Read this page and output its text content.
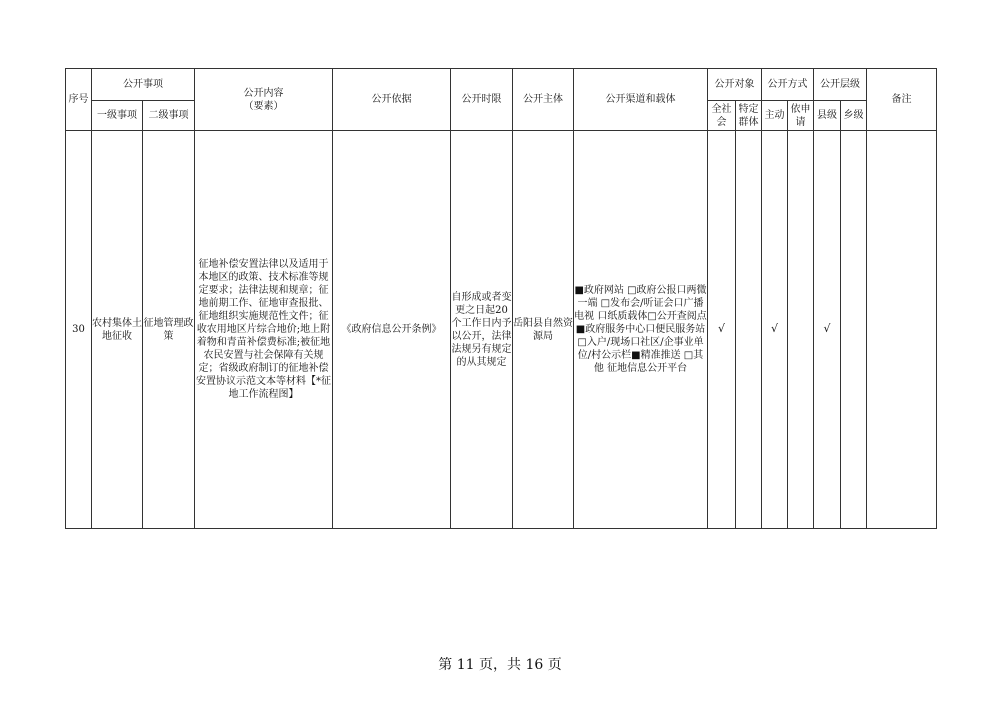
序号	公开事项		公开内容
（要素）	公开依据	公开时限	公开主体	公开渠道和载体	公开对象		公开方式		公开层级		备注
	一级事项	二级事项						全社会	特定群体	主动	依申请	县级	乡级	
30	农村集体土地征收	征地管理政策	征地补偿安置法律以及适用于本地区的政策、技术标准等规定要求；法律法规和规章；征地前期工作、征地审查报批、征地组织实施规范性文件；征收农用地区片综合地价;地上附着物和青苗补偿费标准;被征地农民安置与社会保障有关规定；省级政府制订的征地补偿安置协议示范文本等材料【*征地工作流程图】	《政府信息公开条例》	自形成或者变更之日起20个工作日内予以公开，法律法规另有规定的从其规定	岳阳县自然资源局	■政府网站 □政府公报口两微一端 □发布会/听证会口广播电视 口纸质载体□公开查阅点 ■政府服务中心口便民服务站 □入户/现场口社区/企事业单位/村公示栏■精准推送 □其他 征地信息公开平台	√		√		√		
第 11 页，共 16 页
